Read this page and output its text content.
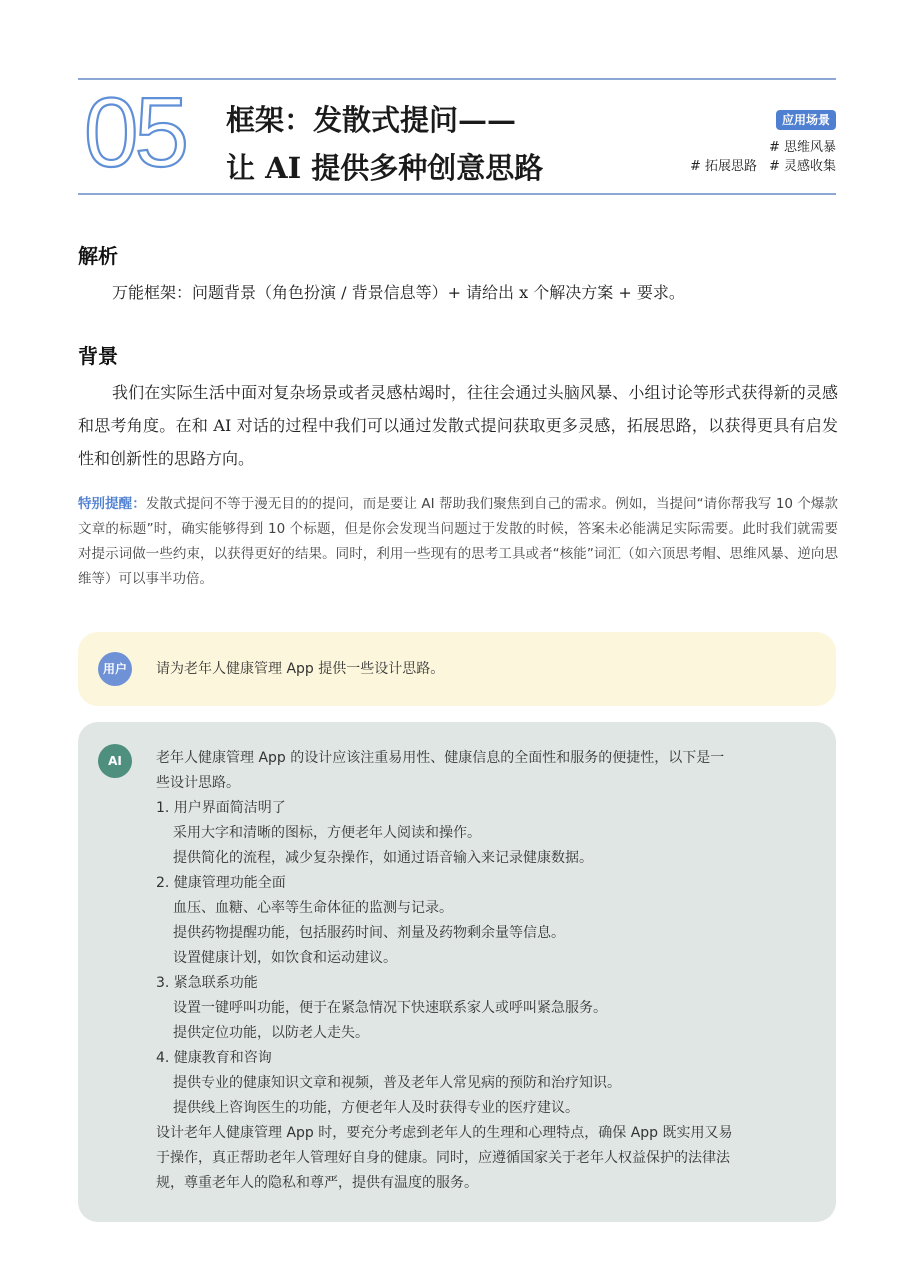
05 框架：发散式提问——
让 AI 提供多种创意思路
应用场景
# 思维风暴
# 拓展思路 # 灵感收集
解析
万能框架：问题背景（角色扮演 / 背景信息等）+ 请给出 x 个解决方案 + 要求。
背景
我们在实际生活中面对复杂场景或者灵感枯竭时，往往会通过头脑风暴、小组讨论等形式获得新的灵感和思考角度。在和 AI 对话的过程中我们可以通过发散式提问获取更多灵感，拓展思路，以获得更具有启发性和创新性的思路方向。
特别提醒：发散式提问不等于漫无目的的提问，而是要让 AI 帮助我们聚焦到自己的需求。例如，当提问“请你帮我写 10 个爆款文章的标题”时，确实能够得到 10 个标题，但是你会发现当问题过于发散的时候，答案未必能满足实际需要。此时我们就需要对提示词做一些约束，以获得更好的结果。同时，利用一些现有的思考工具或者“核能”词汇（如六顶思考帽、思维风暴、逆向思维等）可以事半功倍。
用户	请为老年人健康管理 App 提供一些设计思路。
AI	老年人健康管理 App 的设计应该注重易用性、健康信息的全面性和服务的便捷性，以下是一
些设计思路。
1. 用户界面简洁明了
采用大字和清晰的图标，方便老年人阅读和操作。
提供简化的流程，减少复杂操作，如通过语音输入来记录健康数据。
2. 健康管理功能全面
血压、血糖、心率等生命体征的监测与记录。
提供药物提醒功能，包括服药时间、剂量及药物剩余量等信息。
设置健康计划，如饮食和运动建议。
3. 紧急联系功能
设置一键呼叫功能，便于在紧急情况下快速联系家人或呼叫紧急服务。
提供定位功能，以防老人走失。
4. 健康教育和咨询
提供专业的健康知识文章和视频，普及老年人常见病的预防和治疗知识。
提供线上咨询医生的功能，方便老年人及时获得专业的医疗建议。
设计老年人健康管理 App 时，要充分考虑到老年人的生理和心理特点，确保 App 既实用又易
于操作，真正帮助老年人管理好自身的健康。同时，应遵循国家关于老年人权益保护的法律法
规，尊重老年人的隐私和尊严，提供有温度的服务。
